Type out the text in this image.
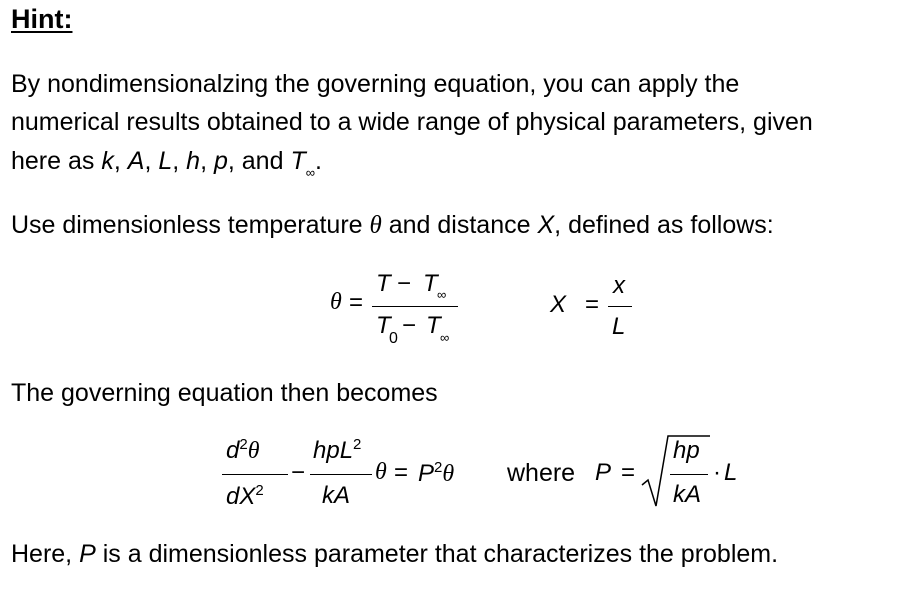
Hint:
By nondimensionalzing the governing equation, you can apply the
numerical results obtained to a wide range of physical parameters, given
here as k, A, L, h, p, and $T_\infty$.
Use dimensionless temperature θ and distance X, defined as follows:
θ =
T − T ∞
T
0 − T ∞
X =
x
L
The governing equation then becomes
$d^2\theta$
$dX^2$
−
hpL$^2$
kA
$\theta = P^2\theta$ where P =
hp
kA
· L
Here, P is a dimensionless parameter that characterizes the problem.
